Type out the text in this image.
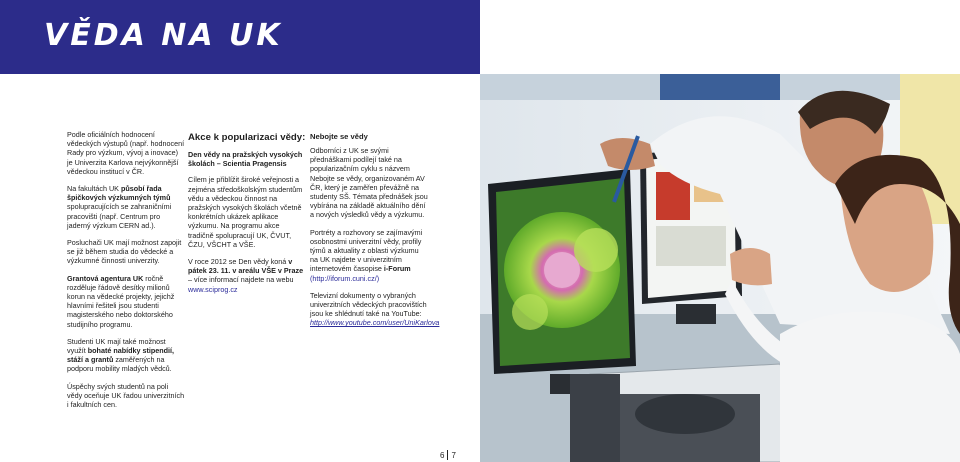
VĚDA NA UK

Podle oficiálních hodnocení vědeckých výstupů (např. hodnocení Rady pro výzkum, vývoj a inovace) je Univerzita Karlova nejvýkonnější vědeckou institucí v ČR.

Na fakultách UK působí řada špičkových výzkumných týmů spolupracujících se zahraničními pracovišti (např. Centrum pro jaderný výzkum CERN ad.).

Posluchači UK mají možnost zapojit se již během studia do vědecké a výzkumné činnosti univerzity.

Grantová agentura UK ročně rozděluje řádově desítky milionů korun na vědecké projekty, jejichž hlavními řešiteli jsou studenti magisterského nebo doktorského studijního programu.

Studenti UK mají také možnost využít bohaté nabídky stipendií, stáží a grantů zaměřených na podporu mobility mladých vědců.

Úspěchy svých studentů na poli vědy oceňuje UK řadou univerzitních i fakultních cen.

Akce k popularizaci vědy:
Den vědy na pražských vysokých školách – Scientia Pragensis

Cílem je přiblížit široké veřejnosti a zejména středoškolským studentům vědu a vědeckou činnost na pražských vysokých školách včetně konkrétních ukázek aplikace výzkumu. Na programu akce tradičně spolupracují UK, ČVUT, ČZU, VŠCHT a VŠE.

V roce 2012 se Den vědy koná v pátek 23. 11. v areálu VŠE v Praze – více informací najdete na webu www.sciprog.cz

Nebojte se vědy

Odborníci z UK se svými přednáškami podílejí také na popularizačním cyklu s názvem Nebojte se vědy, organizovaném AV ČR, který je zaměřen převážně na studenty SŠ. Témata přednášek jsou vybírána na základě aktuálního dění a nových výsledků vědy a výzkumu.

Portréty a rozhovory se zajímavými osobnostmi univerzitní vědy, profily týmů a aktuality z oblasti výzkumu na UK najdete v univerzitním internetovém časopise i-Forum (http://iforum.cuni.cz/)

Televizní dokumenty o vybraných univerzitních vědeckých pracovištích jsou ke shlédnutí také na YouTube: http://www.youtube.com/user/UniKarlova

6 7
